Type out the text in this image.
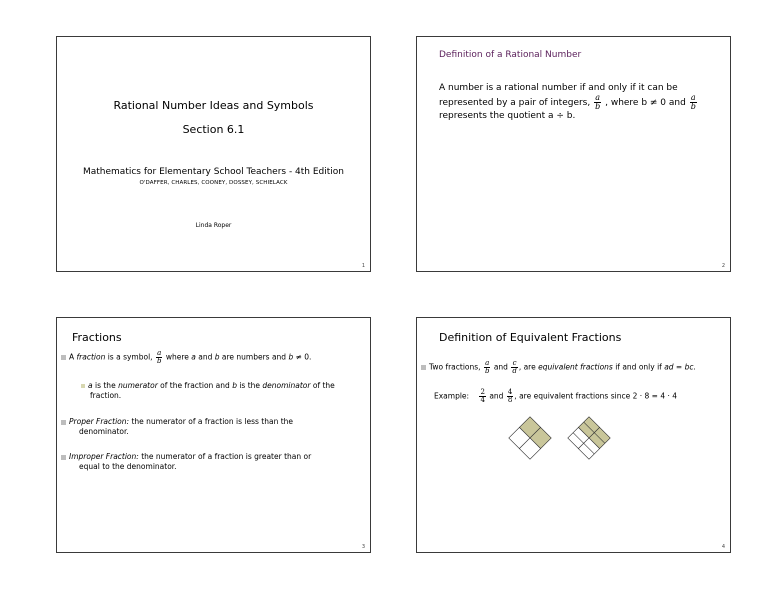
Rational Number Ideas and Symbols
Section 6.1
Mathematics for Elementary School Teachers - 4th Edition
O'DAFFER, CHARLES, COONEY, DOSSEY, SCHIELACK
Linda Roper
1
Definition of a Rational Number
A number is a rational number if and only if it can be
represented by a pair of integers, $\frac{a}{b}$ , where b ≠ 0 and $\frac{a}{b}$
represents the quotient a ÷ b.
2
Fractions
A fraction is a symbol, $\frac{a}{b}$ where a and b are numbers and b ≠ 0.
a is the numerator of the fraction and b is the denominator of the
fraction.
Proper Fraction: the numerator of a fraction is less than the
denominator.
Improper Fraction: the numerator of a fraction is greater than or
equal to the denominator.
3
Definition of Equivalent Fractions
Two fractions, $\frac{a}{b}$ and $\frac{c}{d}$ , are equivalent fractions if and only if ad = bc.
Example: $\frac{2}{4}$ and $\frac{4}{8}$ , are equivalent fractions since 2 · 8 = 4 · 4
4
